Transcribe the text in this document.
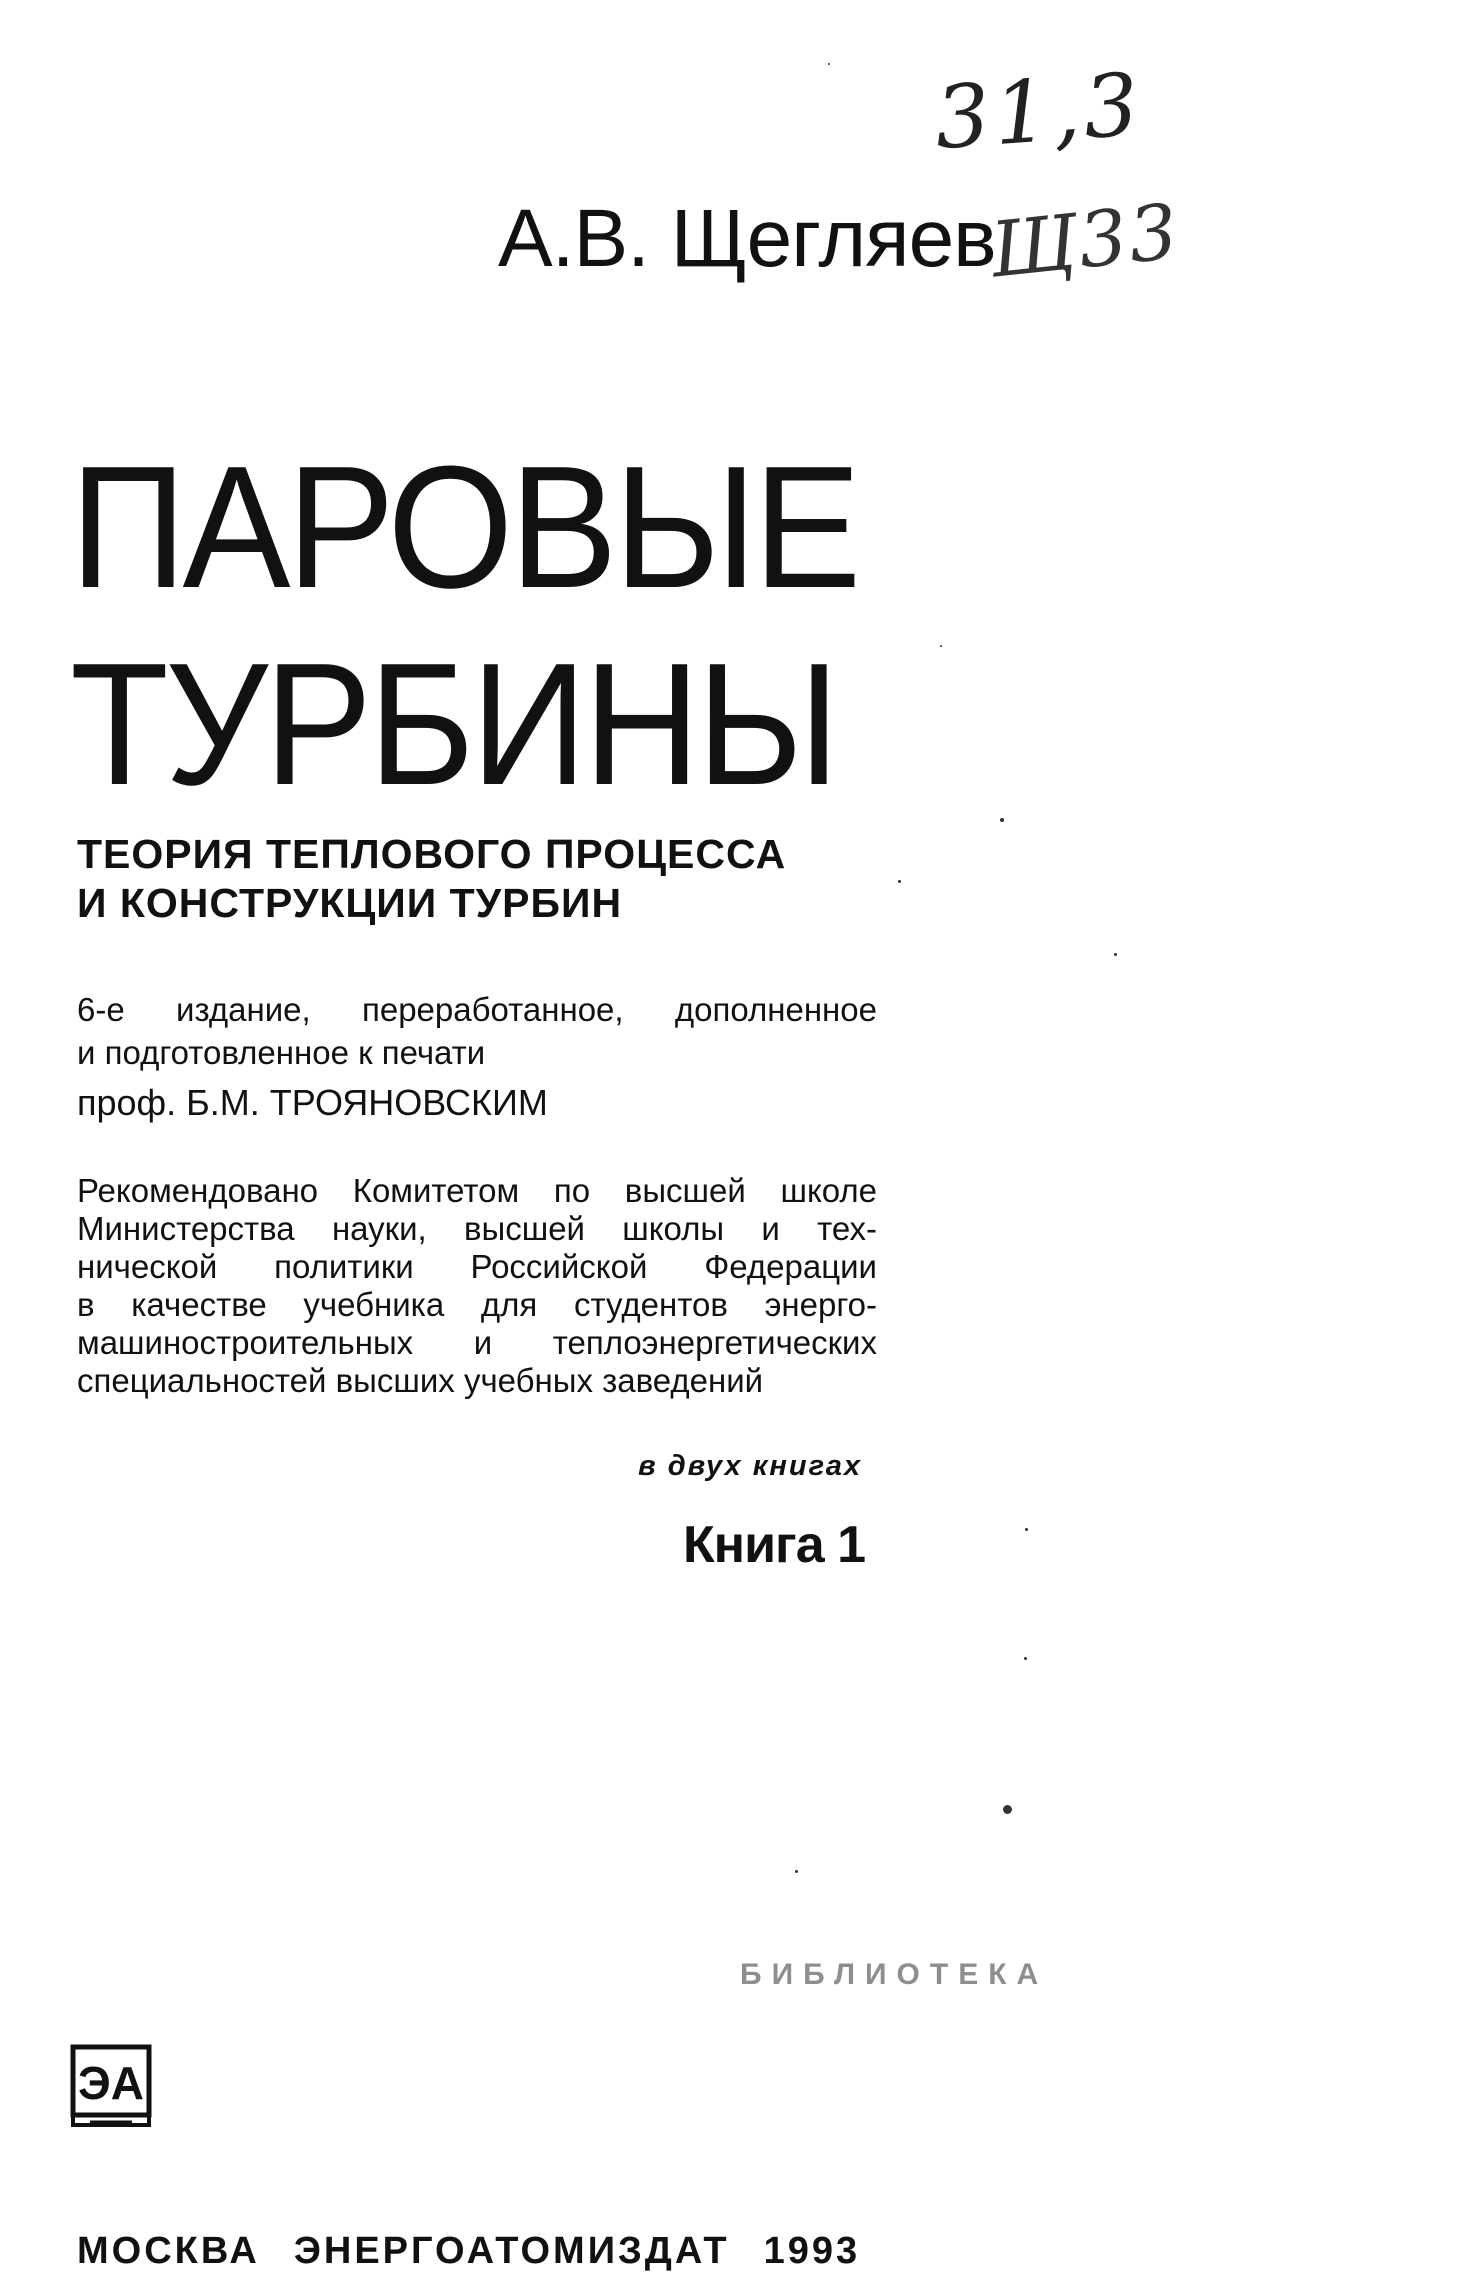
31,3
Щ33
А.В. Щегляев
ПАРОВЫЕ
ТУРБИНЫ
ТЕОРИЯ ТЕПЛОВОГО ПРОЦЕССА
И КОНСТРУКЦИИ ТУРБИН
6-е издание, переработанное, дополненное
и подготовленное к печати
проф. Б.М. ТРОЯНОВСКИМ
Рекомендовано Комитетом по высшей школе
Министерства науки, высшей школы и тех-
нической политики Российской Федерации
в качестве учебника для студентов энерго-
машиностроительных и теплоэнергетических
специальностей высших учебных заведений
в двух книгах
Книга 1
БИБЛИОТЕКА
ЭА
МОСКВА ЭНЕРГОАТОМИЗДАТ 1993
